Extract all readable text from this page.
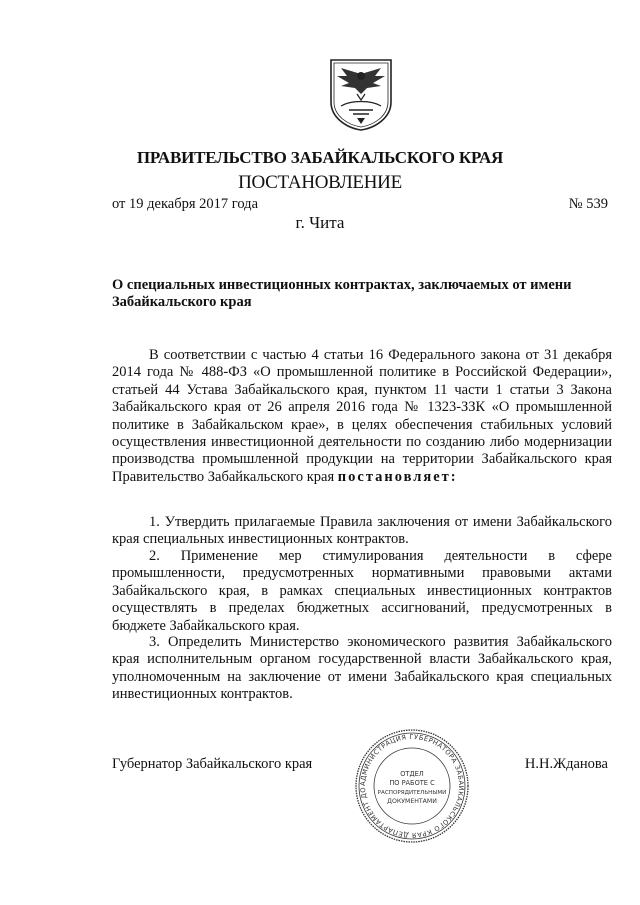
ПРАВИТЕЛЬСТВО ЗАБАЙКАЛЬСКОГО КРАЯ
ПОСТАНОВЛЕНИЕ
от 19 декабря 2017 года	№ 539
г. Чита
О специальных инвестиционных контрактах, заключаемых от имени Забайкальского края
В соответствии с частью 4 статьи 16 Федерального закона от 31 декабря 2014 года № 488-ФЗ «О промышленной политике в Российской Федерации», статьей 44 Устава Забайкальского края, пунктом 11 части 1 статьи 3 Закона Забайкальского края от 26 апреля 2016 года № 1323-ЗЗК «О промышленной политике в Забайкальском крае», в целях обеспечения стабильных условий осуществления инвестиционной деятельности по созданию либо модернизации производства промышленной продукции на территории Забайкальского края Правительство Забайкальского края постановляет:
1. Утвердить прилагаемые Правила заключения от имени Забайкальского края специальных инвестиционных контрактов.
2. Применение мер стимулирования деятельности в сфере промышленности, предусмотренных нормативными правовыми актами Забайкальского края, в рамках специальных инвестиционных контрактов осуществлять в пределах бюджетных ассигнований, предусмотренных в бюджете Забайкальского края.
3. Определить Министерство экономического развития Забайкальского края исполнительным органом государственной власти Забайкальского края, уполномоченным на заключение от имени Забайкальского края специальных инвестиционных контрактов.
Губернатор Забайкальского края	Н.Н.Жданова
АДМИНИСТРАЦИЯ ГУБЕРНАТОРА ЗАБАЙКАЛЬСКОГО КРАЯ ДЕПАРТАМЕНТ ДО
ОТДЕЛ
ПО РАБОТЕ С
РАСПОРЯДИТЕЛЬНЫМИ
ДОКУМЕНТАМИ
